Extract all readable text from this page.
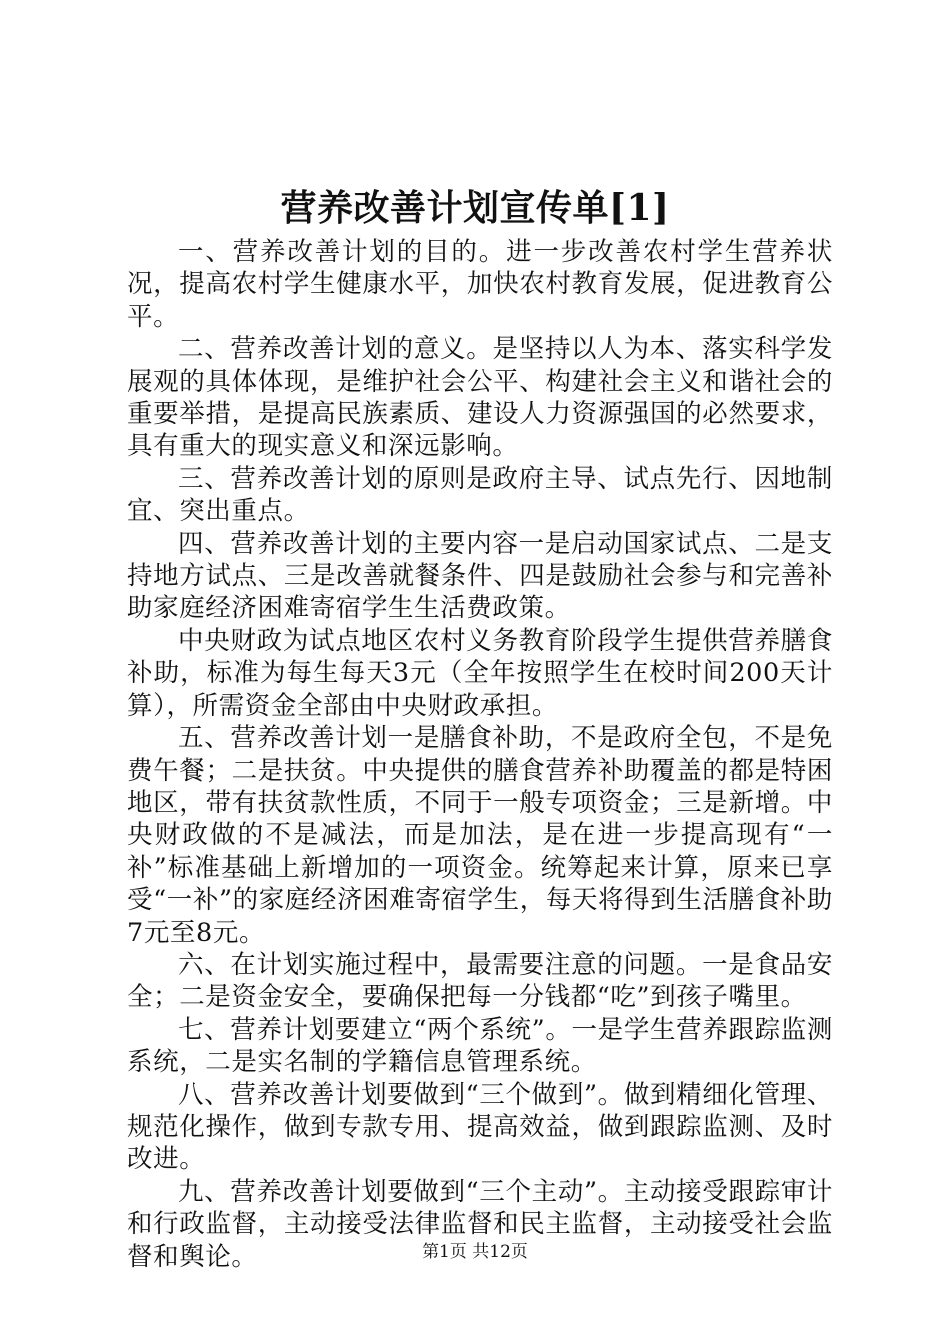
营养改善计划宣传单[1]

一、营养改善计划的目的。进一步改善农村学生营养状况，提高农村学生健康水平，加快农村教育发展，促进教育公平。

二、营养改善计划的意义。是坚持以人为本、落实科学发展观的具体体现，是维护社会公平、构建社会主义和谐社会的重要举措，是提高民族素质、建设人力资源强国的必然要求，具有重大的现实意义和深远影响。

三、营养改善计划的原则是政府主导、试点先行、因地制宜、突出重点。

四、营养改善计划的主要内容一是启动国家试点、二是支持地方试点、三是改善就餐条件、四是鼓励社会参与和完善补助家庭经济困难寄宿学生生活费政策。

中央财政为试点地区农村义务教育阶段学生提供营养膳食补助，标准为每生每天3元（全年按照学生在校时间200天计算），所需资金全部由中央财政承担。

五、营养改善计划一是膳食补助，不是政府全包，不是免费午餐；二是扶贫。中央提供的膳食营养补助覆盖的都是特困地区，带有扶贫款性质，不同于一般专项资金；三是新增。中央财政做的不是减法，而是加法，是在进一步提高现有“一补”标准基础上新增加的一项资金。统筹起来计算，原来已享受“一补”的家庭经济困难寄宿学生，每天将得到生活膳食补助7元至8元。

六、在计划实施过程中，最需要注意的问题。一是食品安全；二是资金安全，要确保把每一分钱都“吃”到孩子嘴里。

七、营养计划要建立“两个系统”。一是学生营养跟踪监测系统，二是实名制的学籍信息管理系统。

八、营养改善计划要做到“三个做到”。做到精细化管理、规范化操作，做到专款专用、提高效益，做到跟踪监测、及时改进。

九、营养改善计划要做到“三个主动”。主动接受跟踪审计和行政监督，主动接受法律监督和民主监督，主动接受社会监督和舆论。	第1页 共12页
